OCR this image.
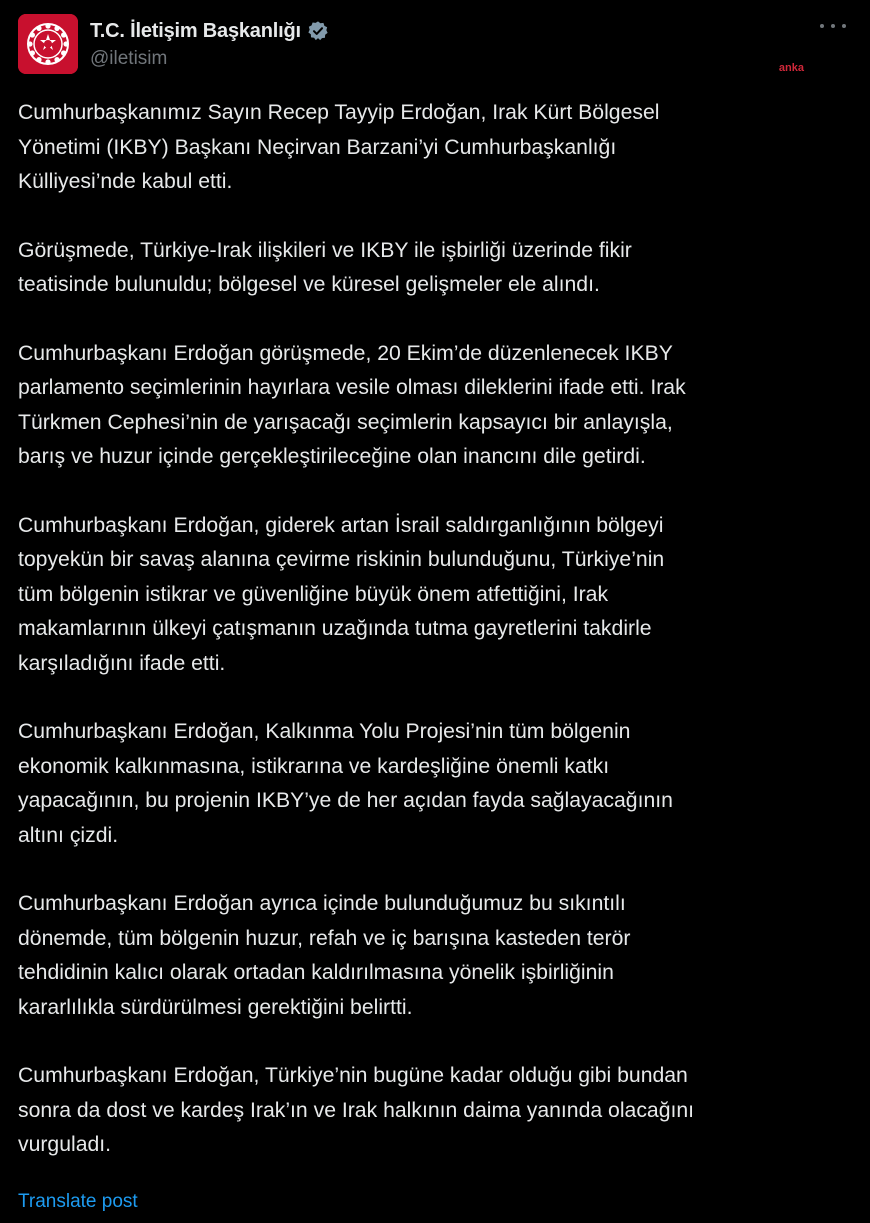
T.C. İletişim Başkanlığı
@iletisim	anka

Cumhurbaşkanımız Sayın Recep Tayyip Erdoğan, Irak Kürt Bölgesel
Yönetimi (IKBY) Başkanı Neçirvan Barzani’yi Cumhurbaşkanlığı
Külliyesi’nde kabul etti.

Görüşmede, Türkiye-Irak ilişkileri ve IKBY ile işbirliği üzerinde fikir
teatisinde bulunuldu; bölgesel ve küresel gelişmeler ele alındı.

Cumhurbaşkanı Erdoğan görüşmede, 20 Ekim’de düzenlenecek IKBY
parlamento seçimlerinin hayırlara vesile olması dileklerini ifade etti. Irak
Türkmen Cephesi’nin de yarışacağı seçimlerin kapsayıcı bir anlayışla,
barış ve huzur içinde gerçekleştirileceğine olan inancını dile getirdi.

Cumhurbaşkanı Erdoğan, giderek artan İsrail saldırganlığının bölgeyi
topyekün bir savaş alanına çevirme riskinin bulunduğunu, Türkiye’nin
tüm bölgenin istikrar ve güvenliğine büyük önem atfettiğini, Irak
makamlarının ülkeyi çatışmanın uzağında tutma gayretlerini takdirle
karşıladığını ifade etti.

Cumhurbaşkanı Erdoğan, Kalkınma Yolu Projesi’nin tüm bölgenin
ekonomik kalkınmasına, istikrarına ve kardeşliğine önemli katkı
yapacağının, bu projenin IKBY’ye de her açıdan fayda sağlayacağının
altını çizdi.

Cumhurbaşkanı Erdoğan ayrıca içinde bulunduğumuz bu sıkıntılı
dönemde, tüm bölgenin huzur, refah ve iç barışına kasteden terör
tehdidinin kalıcı olarak ortadan kaldırılmasına yönelik işbirliğinin
kararlılıkla sürdürülmesi gerektiğini belirtti.

Cumhurbaşkanı Erdoğan, Türkiye’nin bugüne kadar olduğu gibi bundan
sonra da dost ve kardeş Irak’ın ve Irak halkının daima yanında olacağını
vurguladı.

Translate post
